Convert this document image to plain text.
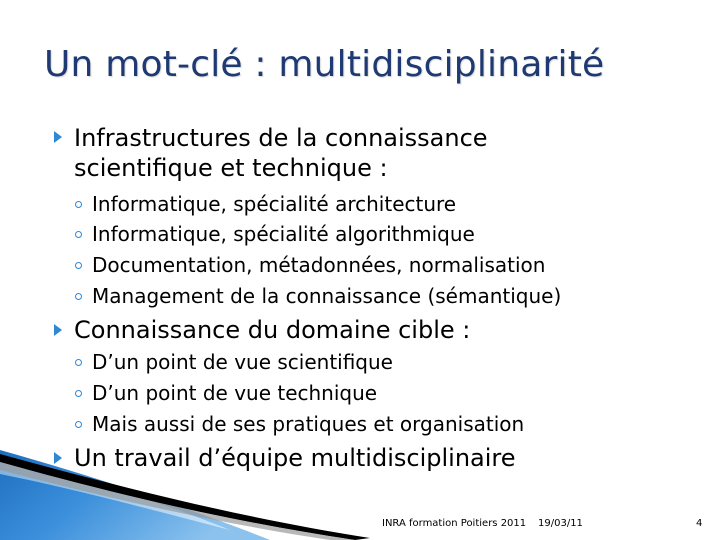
Un mot-clé : multidisciplinarité
Infrastructures de la connaissance
scientifique et technique :
Informatique, spécialité architecture
Informatique, spécialité algorithmique
Documentation, métadonnées, normalisation
Management de la connaissance (sémantique)
Connaissance du domaine cible :
D’un point de vue scientifique
D’un point de vue technique
Mais aussi de ses pratiques et organisation
Un travail d’équipe multidisciplinaire
INRA formation Poitiers 2011 19/03/11	4
